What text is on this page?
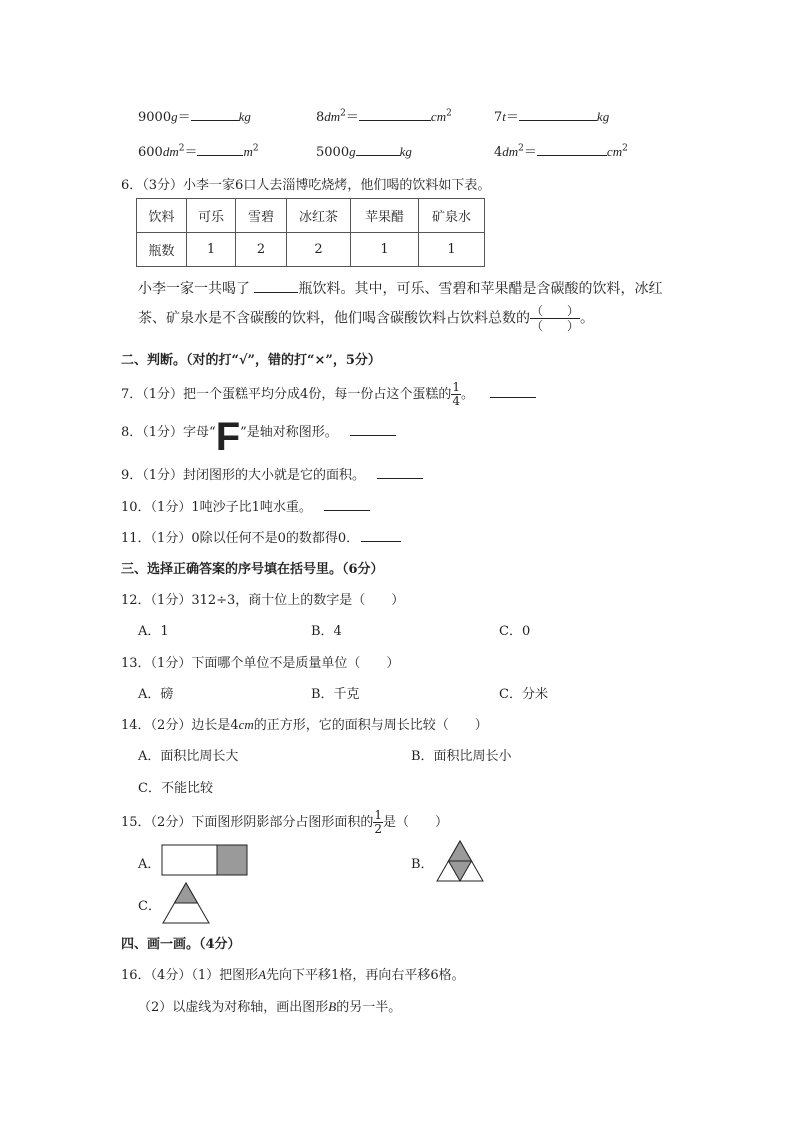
9000g＝	kg	$8dm^2=$	$cm^2$	7t＝	kg
$600dm^2=$	$m^2$	5000g	kg	$4dm^2=$	$cm^2$
6．（3分）小李一家6口人去淄博吃烧烤，他们喝的饮料如下表。
饮料	可乐	雪碧	冰红茶	苹果醋	矿泉水
瓶数	1	2	2	1	1
小李一家一共喝了	瓶饮料。其中，可乐、雪碧和苹果醋是含碳酸的饮料，冰红
茶、矿泉水是不含碳酸的饮料，他们喝含碳酸饮料占饮料总数的 $\frac{( )}{( )}$ 。
二、判断。（对的打“√”，错的打“×”，5分）
7．（1分）把一个蛋糕平均分成4份，每一份占这个蛋糕的 $\frac{1}{4}$ 。
8．（1分）字母“F”是轴对称图形。
9．（1分）封闭图形的大小就是它的面积。
10．（1分）1吨沙子比1吨水重。
11．（1分）0除以任何不是0的数都得0．
三、选择正确答案的序号填在括号里。（6分）
12．（1分）312÷3，商十位上的数字是（　　）
A．1	B．4	C．0
13．（1分）下面哪个单位不是质量单位（　　）
A．磅	B．千克	C．分米
14．（2分）边长是4cm的正方形，它的面积与周长比较（　　）
A．面积比周长大	B．面积比周长小
C．不能比较
15．（2分）下面图形阴影部分占图形面积的 $\frac{1}{2}$ 是（　　）
A．	B．
C．
四、画一画。（4分）
16．（4分）（1）把图形A先向下平移1格，再向右平移6格。
（2）以虚线为对称轴，画出图形B的另一半。
